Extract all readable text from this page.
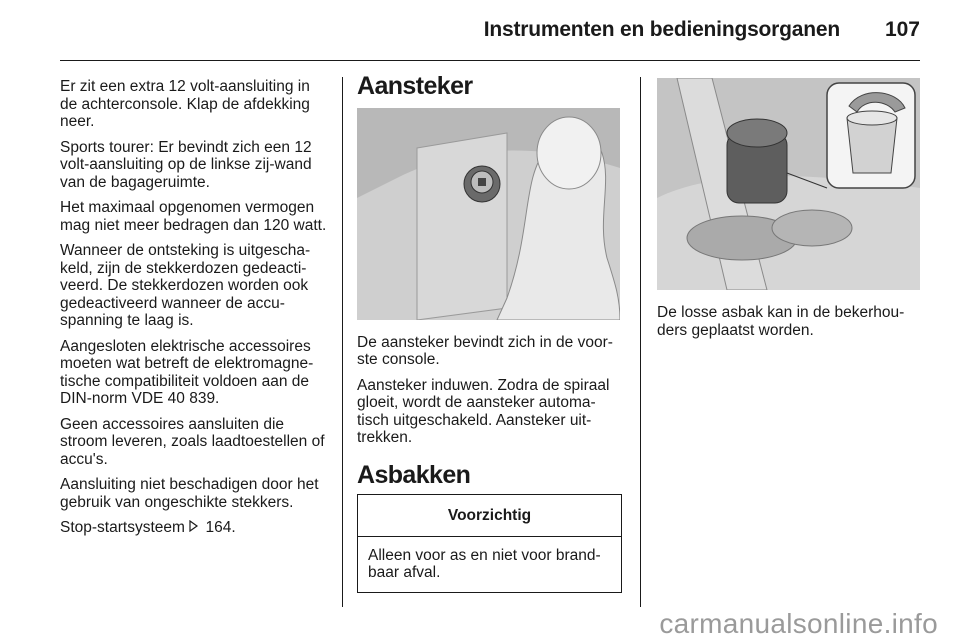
Instrumenten en bedieningsorganen 107

Er zit een extra 12 volt-aansluiting in de achterconsole. Klap de afdekking neer.

Sports tourer: Er bevindt zich een 12 volt-aansluiting op de linkse zij-wand van de bagageruimte.

Het maximaal opgenomen vermogen mag niet meer bedragen dan 120 watt.

Wanneer de ontsteking is uitgescha-keld, zijn de stekkerdozen gedeacti-veerd. De stekkerdozen worden ook gedeactiveerd wanneer de accu-spanning te laag is.

Aangesloten elektrische accessoires moeten wat betreft de elektromagne-tische compatibiliteit voldoen aan de DIN-norm VDE 40 839.

Geen accessoires aansluiten die stroom leveren, zoals laadtoestellen of accu's.

Aansluiting niet beschadigen door het gebruik van ongeschikte stekkers.

Stop-startsysteem 164.

Aansteker

De aansteker bevindt zich in de voor-ste console.

Aansteker induwen. Zodra de spiraal gloeit, wordt de aansteker automa-tisch uitgeschakeld. Aansteker uit-trekken.

Asbakken
Voorzichtig
Alleen voor as en niet voor brand-baar afval.

De losse asbak kan in de bekerhou-ders geplaatst worden.

carmanualsonline.info
